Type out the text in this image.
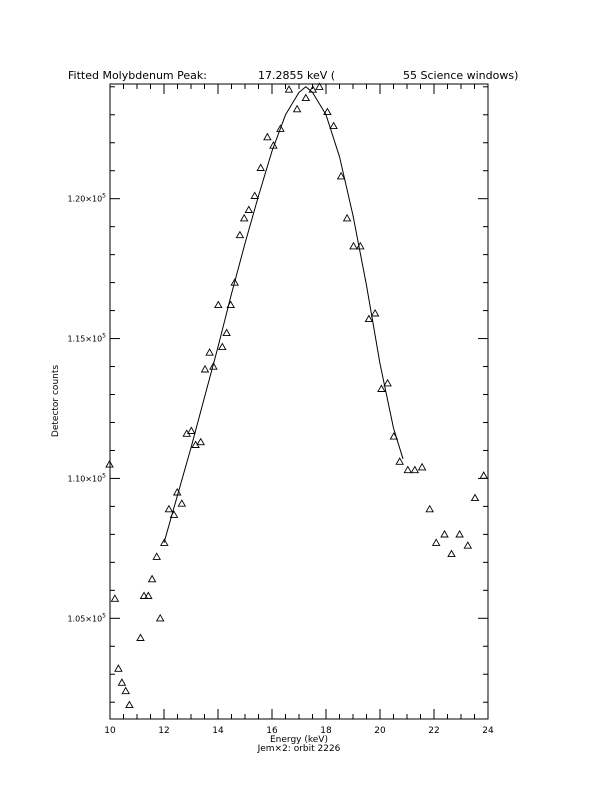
Fitted Molybdenum Peak:	17.2855 keV (	55 Science windows)
10	12	14	16	18	20	22	24
$1.05\times 10^5$
$1.10\times 10^5$
$1.15\times 10^5$
$1.20\times 10^5$
Energy (keV)
Jem×2: orbit 2226
Detector counts
